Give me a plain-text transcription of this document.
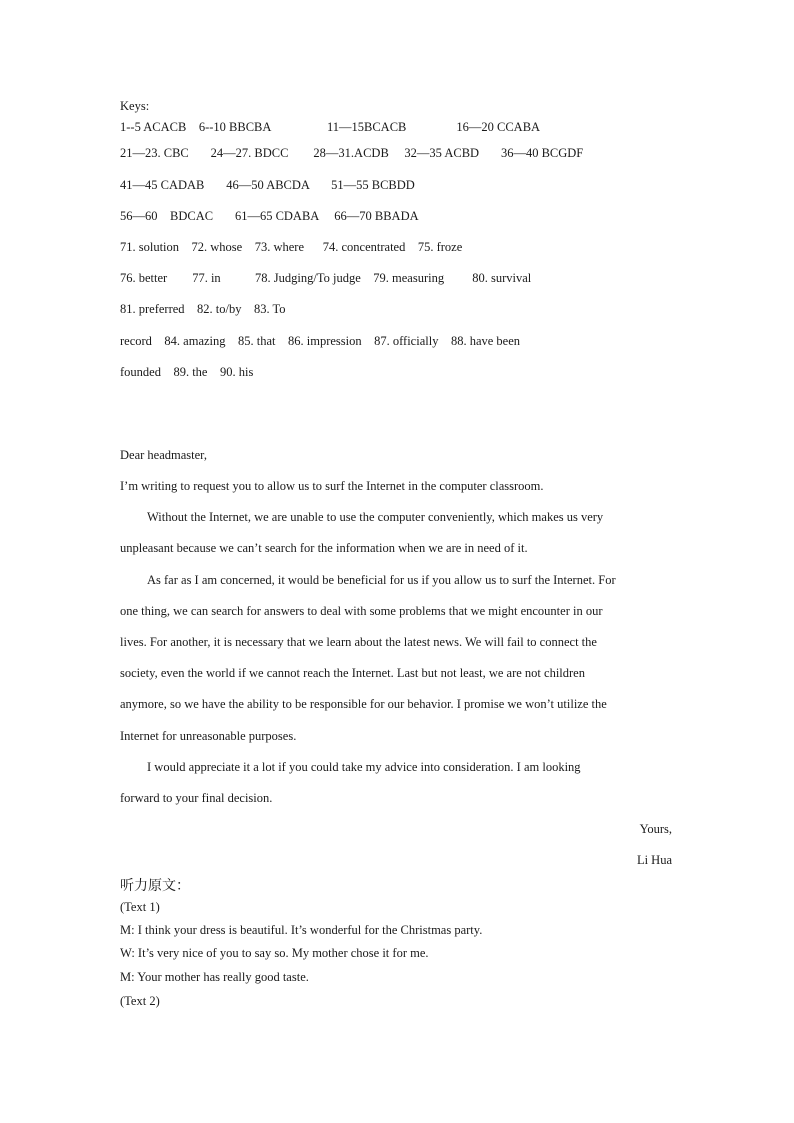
Keys:
1--5 ACACB    6--10 BBCBA                  11—15BCACB                16—20 CCABA
21—23. CBC       24—27. BDCC        28—31.ACDB     32—35 ACBD       36—40 BCGDF
41—45 CADAB       46—50 ABCDA       51—55 BCBDD
56—60    BDCAC       61—65 CDABA     66—70 BBADA
71. solution    72. whose    73. where      74. concentrated    75. froze
76. better        77. in           78. Judging/To judge    79. measuring         80. survival
81. preferred    82. to/by    83. To
record    84. amazing    85. that    86. impression    87. officially    88. have been
founded    89. the    90. his
Dear headmaster,
I’m writing to request you to allow us to surf the Internet in the computer classroom.
Without the Internet, we are unable to use the computer conveniently, which makes us very
unpleasant because we can’t search for the information when we are in need of it.
As far as I am concerned, it would be beneficial for us if you allow us to surf the Internet. For
one thing, we can search for answers to deal with some problems that we might encounter in our
lives. For another, it is necessary that we learn about the latest news. We will fail to connect the
society, even the world if we cannot reach the Internet. Last but not least, we are not children
anymore, so we have the ability to be responsible for our behavior. I promise we won’t utilize the
Internet for unreasonable purposes.
I would appreciate it a lot if you could take my advice into consideration. I am looking
forward to your final decision.
Yours,
Li Hua
听力原文：
(Text 1)
M: I think your dress is beautiful. It’s wonderful for the Christmas party.
W: It’s very nice of you to say so. My mother chose it for me.
M: Your mother has really good taste.
(Text 2)
